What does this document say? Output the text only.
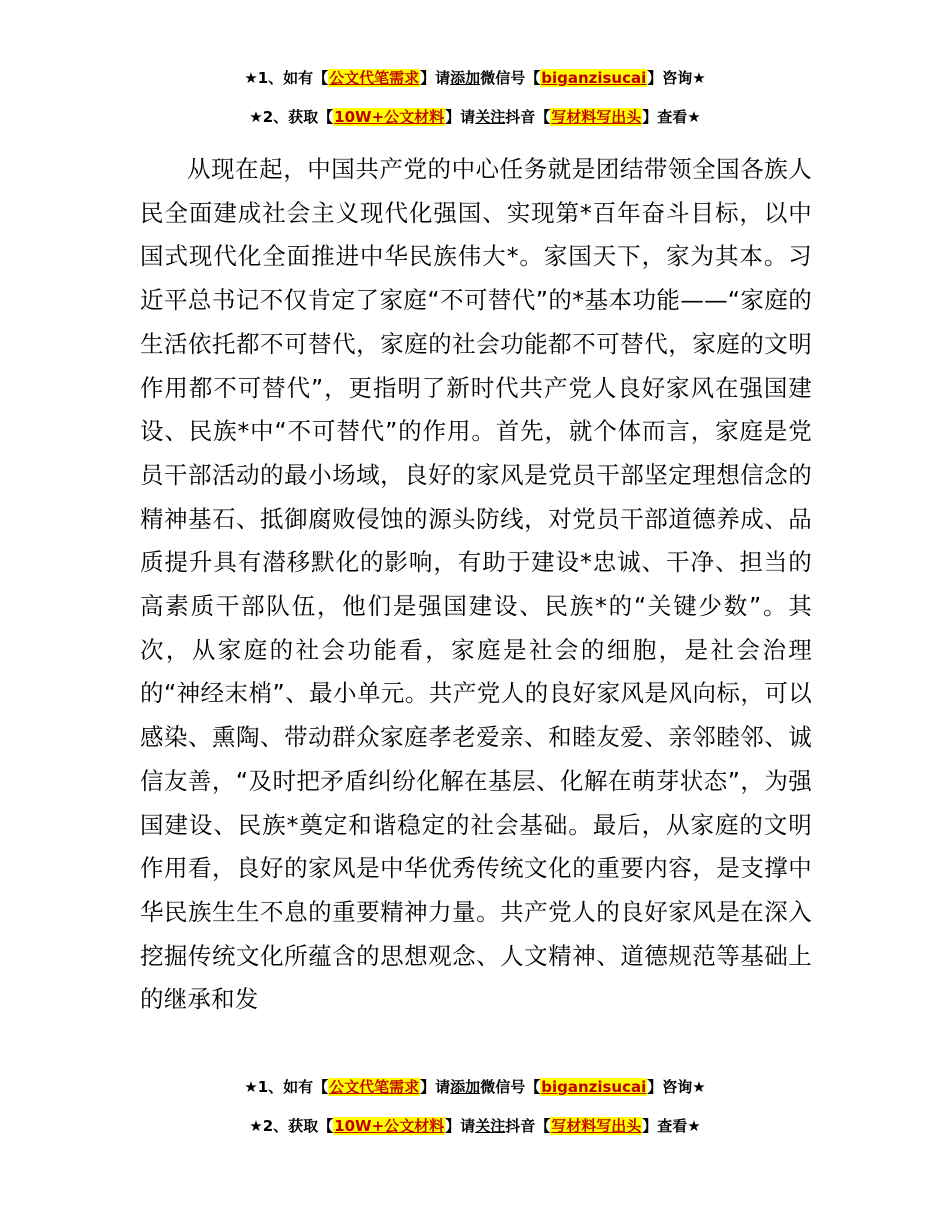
★1、如有【公文代笔需求】请添加微信号【biganzisucai】咨询★
★2、获取【10W+公文材料】请关注抖音【写材料写出头】查看★

从现在起，中国共产党的中心任务就是团结带领全国各族人民全面建成社会主义现代化强国、实现第*百年奋斗目标，以中国式现代化全面推进中华民族伟大*。家国天下，家为其本。习近平总书记不仅肯定了家庭“不可替代”的*基本功能——“家庭的生活依托都不可替代，家庭的社会功能都不可替代，家庭的文明作用都不可替代”，更指明了新时代共产党人良好家风在强国建设、民族*中“不可替代”的作用。首先，就个体而言，家庭是党员干部活动的最小场域，良好的家风是党员干部坚定理想信念的精神基石、抵御腐败侵蚀的源头防线，对党员干部道德养成、品质提升具有潜移默化的影响，有助于建设*忠诚、干净、担当的高素质干部队伍，他们是强国建设、民族*的“关键少数”。其次，从家庭的社会功能看，家庭是社会的细胞，是社会治理的“神经末梢”、最小单元。共产党人的良好家风是风向标，可以感染、熏陶、带动群众家庭孝老爱亲、和睦友爱、亲邻睦邻、诚信友善，“及时把矛盾纠纷化解在基层、化解在萌芽状态”，为强国建设、民族*奠定和谐稳定的社会基础。最后，从家庭的文明作用看，良好的家风是中华优秀传统文化的重要内容，是支撑中华民族生生不息的重要精神力量。共产党人的良好家风是在深入挖掘传统文化所蕴含的思想观念、人文精神、道德规范等基础上的继承和发

★1、如有【公文代笔需求】请添加微信号【biganzisucai】咨询★
★2、获取【10W+公文材料】请关注抖音【写材料写出头】查看★
